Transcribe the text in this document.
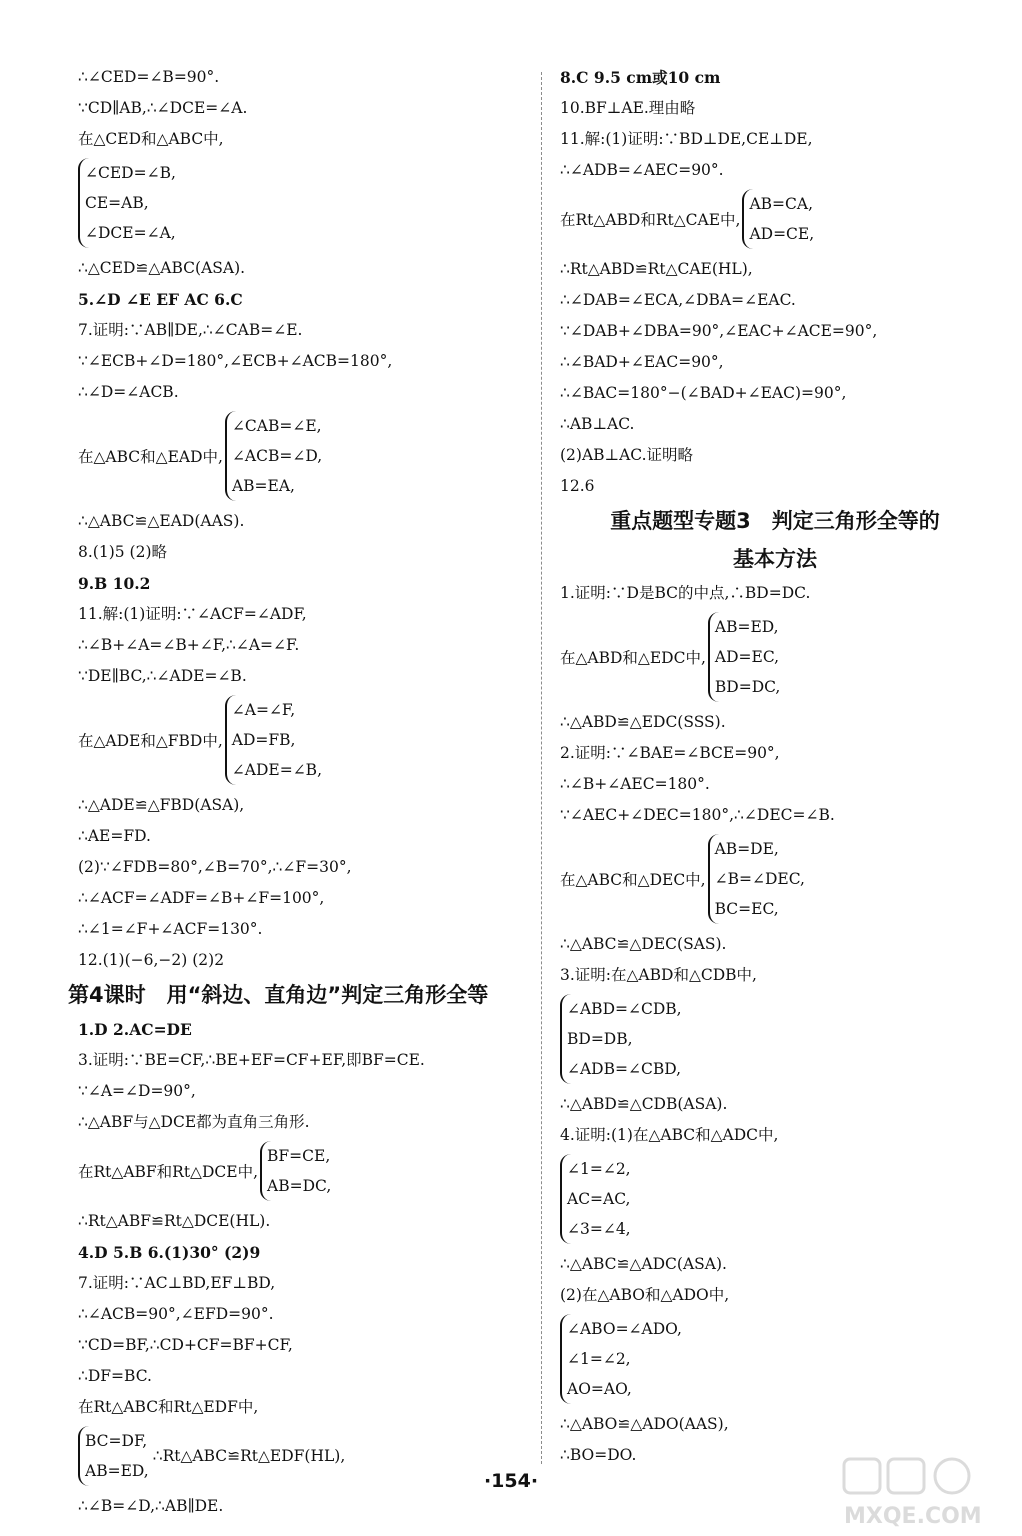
∴∠CED=∠B=90°.
∵CD∥AB,∴∠DCE=∠A.
在△CED和△ABC中,
∠CED=∠B,
CE=AB,
∠DCE=∠A,
∴△CED≌△ABC(ASA).
5.∠D ∠E EF AC 6.C
7.证明:∵AB∥DE,∴∠CAB=∠E.
∵∠ECB+∠D=180°,∠ECB+∠ACB=180°,
∴∠D=∠ACB.
在△ABC和△EAD中,
∠CAB=∠E,
∠ACB=∠D,
AB=EA,
∴△ABC≌△EAD(AAS).
8.(1)5 (2)略
9.B 10.2
11.解:(1)证明:∵∠ACF=∠ADF,
∴∠B+∠A=∠B+∠F,∴∠A=∠F.
∵DE∥BC,∴∠ADE=∠B.
在△ADE和△FBD中,
∠A=∠F,
AD=FB,
∠ADE=∠B,
∴△ADE≌△FBD(ASA),
∴AE=FD.
(2)∵∠FDB=80°,∠B=70°,∴∠F=30°,
∴∠ACF=∠ADF=∠B+∠F=100°,
∴∠1=∠F+∠ACF=130°.
12.(1)(−6,−2) (2)2
第4课时　用“斜边、直角边”判定三角形全等
1.D 2.AC=DE
3.证明:∵BE=CF,∴BE+EF=CF+EF,即BF=CE.
∵∠A=∠D=90°,
∴△ABF与△DCE都为直角三角形.
在Rt△ABF和Rt△DCE中,
BF=CE,
AB=DC,
∴Rt△ABF≌Rt△DCE(HL).
4.D 5.B 6.(1)30° (2)9
7.证明:∵AC⊥BD,EF⊥BD,
∴∠ACB=90°,∠EFD=90°.
∵CD=BF,∴CD+CF=BF+CF,
∴DF=BC.
在Rt△ABC和Rt△EDF中,
BC=DF,
AB=ED,
∴Rt△ABC≌Rt△EDF(HL),
∴∠B=∠D,∴AB∥DE.
8.C 9.5 cm或10 cm
10.BF⊥AE.理由略
11.解:(1)证明:∵BD⊥DE,CE⊥DE,
∴∠ADB=∠AEC=90°.
在Rt△ABD和Rt△CAE中,
AB=CA,
AD=CE,
∴Rt△ABD≌Rt△CAE(HL),
∴∠DAB=∠ECA,∠DBA=∠EAC.
∵∠DAB+∠DBA=90°,∠EAC+∠ACE=90°,
∴∠BAD+∠EAC=90°,
∴∠BAC=180°−(∠BAD+∠EAC)=90°,
∴AB⊥AC.
(2)AB⊥AC.证明略
12.6
重点题型专题3　判定三角形全等的
基本方法
1.证明:∵D是BC的中点,∴BD=DC.
在△ABD和△EDC中,
AB=ED,
AD=EC,
BD=DC,
∴△ABD≌△EDC(SSS).
2.证明:∵∠BAE=∠BCE=90°,
∴∠B+∠AEC=180°.
∵∠AEC+∠DEC=180°,∴∠DEC=∠B.
在△ABC和△DEC中,
AB=DE,
∠B=∠DEC,
BC=EC,
∴△ABC≌△DEC(SAS).
3.证明:在△ABD和△CDB中,
∠ABD=∠CDB,
BD=DB,
∠ADB=∠CBD,
∴△ABD≌△CDB(ASA).
4.证明:(1)在△ABC和△ADC中,
∠1=∠2,
AC=AC,
∠3=∠4,
∴△ABC≌△ADC(ASA).
(2)在△ABO和△ADO中,
∠ABO=∠ADO,
∠1=∠2,
AO=AO,
∴△ABO≌△ADO(AAS),
∴BO=DO.
·154·
MXQE.COM
